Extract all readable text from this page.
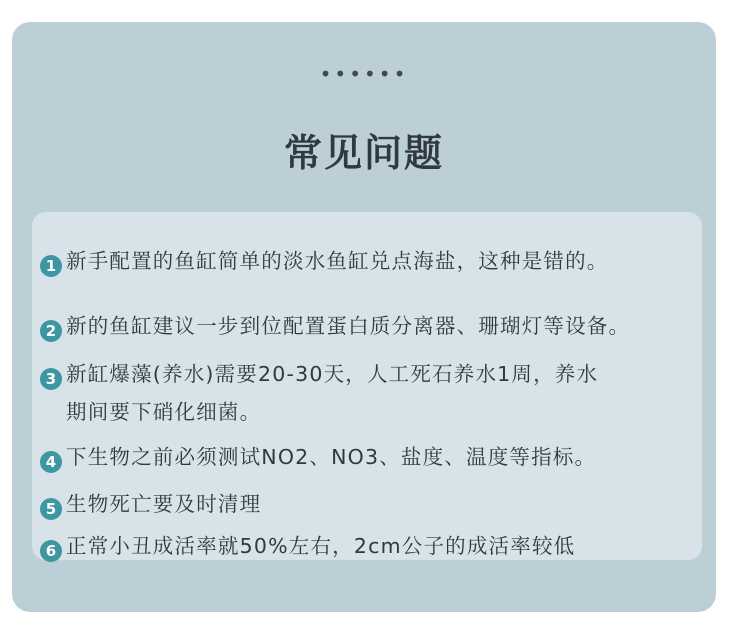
••••••
常见问题
1 新手配置的鱼缸简单的淡水鱼缸兑点海盐，这种是错的。
2 新的鱼缸建议一步到位配置蛋白质分离器、珊瑚灯等设备。
3 新缸爆藻(养水)需要20-30天，人工死石养水1周，养水
期间要下硝化细菌。
4 下生物之前必须测试NO2、NO3、盐度、温度等指标。
5 生物死亡要及时清理
6 正常小丑成活率就50%左右，2cm公子的成活率较低
